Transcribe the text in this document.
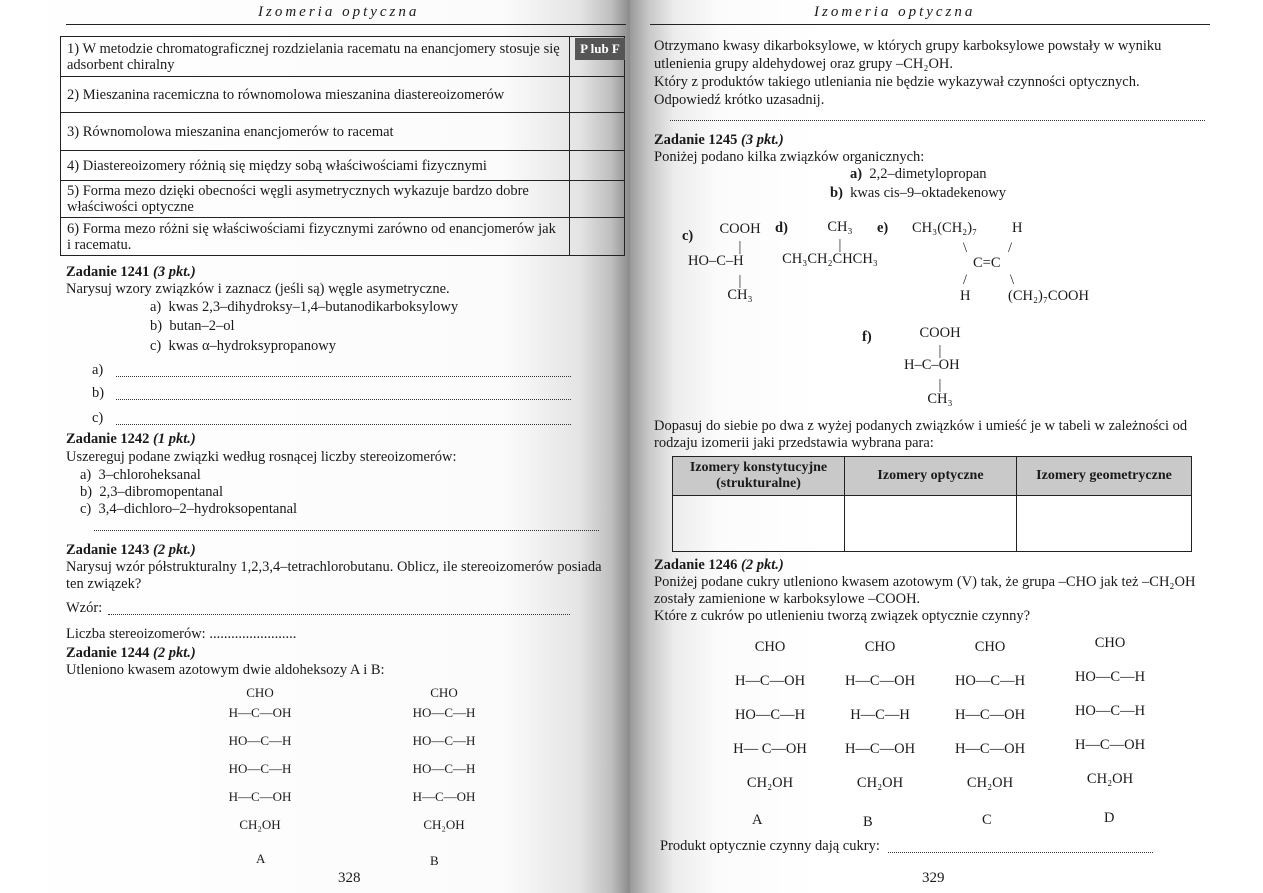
Izomeria optyczna
1) W metodzie chromatograficznej rozdzielania racematu na enancjomery stosuje się adsorbent chiralny	
2) Mieszanina racemiczna to równomolowa mieszanina diastereoizomerów	
3) Równomolowa mieszanina enancjomerów to racemat	
4) Diastereoizomery różnią się między sobą właściwościami fizycznymi	
5) Forma mezo dzięki obecności węgli asymetrycznych wykazuje bardzo dobre właściwości optyczne	
6) Forma mezo różni się właściwościami fizycznymi zarówno od enancjomerów jak i racematu.	
P lub F
Zadanie 1241 (3 pkt.)
Narysuj wzory związków i zaznacz (jeśli są) węgle asymetryczne.
a) kwas 2,3–dihydroksy–1,4–butanodikarboksylowy
b) butan–2–ol
c) kwas α–hydroksypropanowy
a)
b)
c)
Zadanie 1242 (1 pkt.)
Uszereguj podane związki według rosnącej liczby stereoizomerów:
a) 3–chloroheksanal
b) 2,3–dibromopentanal
c) 3,4–dichloro–2–hydroksopentanal
Zadanie 1243 (2 pkt.)
Narysuj wzór półstrukturalny 1,2,3,4–tetrachlorobutanu. Oblicz, ile stereoizomerów posiada
ten związek?
Wzór:
Liczba stereoizomerów: ........................
Zadanie 1244 (2 pkt.)
Utleniono kwasem azotowym dwie aldoheksozy A i B:
CHO
H—C—OH
HO—C—H
HO—C—H
H—C—OH
CH₂OH
A
CHO
HO—C—H
HO—C—H
HO—C—H
H—C—OH
CH₂OH
B
328
Izomeria optyczna
Otrzymano kwasy dikarboksylowe, w których grupy karboksylowe powstały w wyniku
utlenienia grupy aldehydowej oraz grupy –CH₂OH.
Który z produktów takiego utleniania nie będzie wykazywał czynności optycznych.
Odpowiedź krótko uzasadnij.
Zadanie 1245 (3 pkt.)
Poniżej podano kilka związków organicznych:
a) 2,2–dimetylopropan
b) kwas cis–9–oktadekenowy
c)	COOH
|
HO–C–H
|
CH₃
d)	CH₃
|
CH₃CH₂CHCH₃
e) CH₃(CH₂)₇ H
\	/
C=C
/	\
H	(CH₂)₇COOH
f)	COOH
|
H–C–OH
|
CH₃
Dopasuj do siebie po dwa z wyżej podanych związków i umieść je w tabeli w zależności od
rodzaju izomerii jaki przedstawia wybrana para:
Izomery konstytucyjne (strukturalne)	Izomery optyczne	Izomery geometryczne

Zadanie 1246 (2 pkt.)
Poniżej podane cukry utleniono kwasem azotowym (V) tak, że grupa –CHO jak też –CH₂OH
zostały zamienione w karboksylowe –COOH.
Które z cukrów po utlenieniu tworzą związek optycznie czynny?
CHO
H—C—OH
HO—C—H
H— C—OH
CH₂OH
A
CHO
H—C—OH
H—C—H
H—C—OH
CH₂OH
B
CHO
HO—C—H
H—C—OH
H—C—OH
CH₂OH
C
CHO
HO—C—H
HO—C—H
H—C—OH
CH₂OH
D
Produkt optycznie czynny dają cukry:
329
